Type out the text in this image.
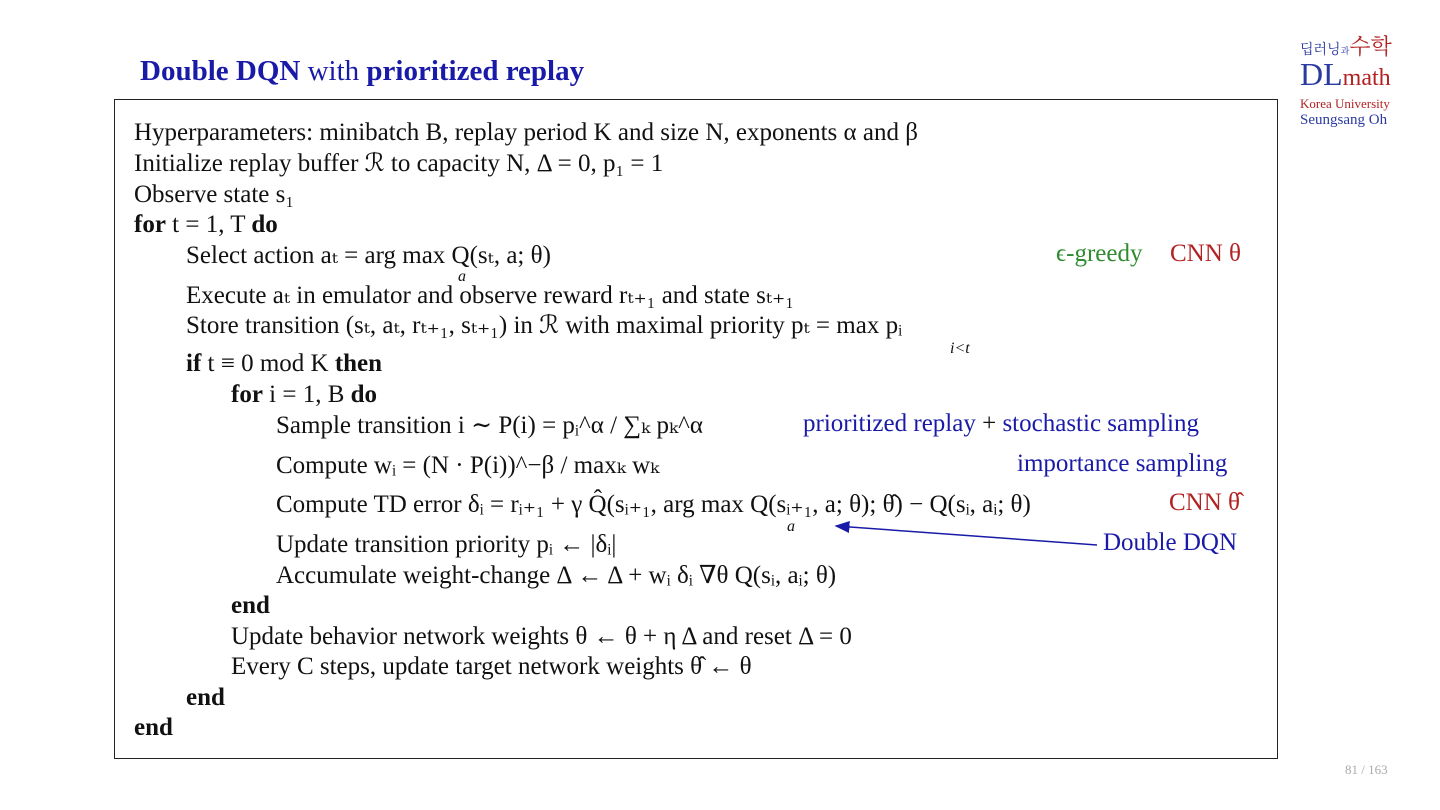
Double DQN with prioritized replay
딥러닝과수학
DLmath
Korea University
Seungsang Oh
Hyperparameters: minibatch B, replay period K and size N, exponents α and β
Initialize replay buffer ℛ to capacity N, Δ = 0, p₁ = 1
Observe state s₁
for t = 1, T do
Select action aₜ = arg max Q(sₜ, a; θ)
a
Execute aₜ in emulator and observe reward rₜ₊₁ and state sₜ₊₁
Store transition (sₜ, aₜ, rₜ₊₁, sₜ₊₁) in ℛ with maximal priority pₜ = max pᵢ
i<t
if t ≡ 0 mod K then
for i = 1, B do
Sample transition i ∼ P(i) = pᵢ^α / ∑ₖ pₖ^α
Compute wᵢ = (N · P(i))^−β / maxₖ wₖ
Compute TD error δᵢ = rᵢ₊₁ + γ Q̂(sᵢ₊₁, arg max Q(sᵢ₊₁, a; θ); θ̂) − Q(sᵢ, aᵢ; θ)
a
Update transition priority pᵢ ← |δᵢ|
Accumulate weight-change Δ ← Δ + wᵢ δᵢ ∇θ Q(sᵢ, aᵢ; θ)
end
Update behavior network weights θ ← θ + η Δ and reset Δ = 0
Every C steps, update target network weights θ̂ ← θ
end
end
ϵ-greedy CNN θ
prioritized replay + stochastic sampling
importance sampling
CNN θ̂
Double DQN
81 / 163
